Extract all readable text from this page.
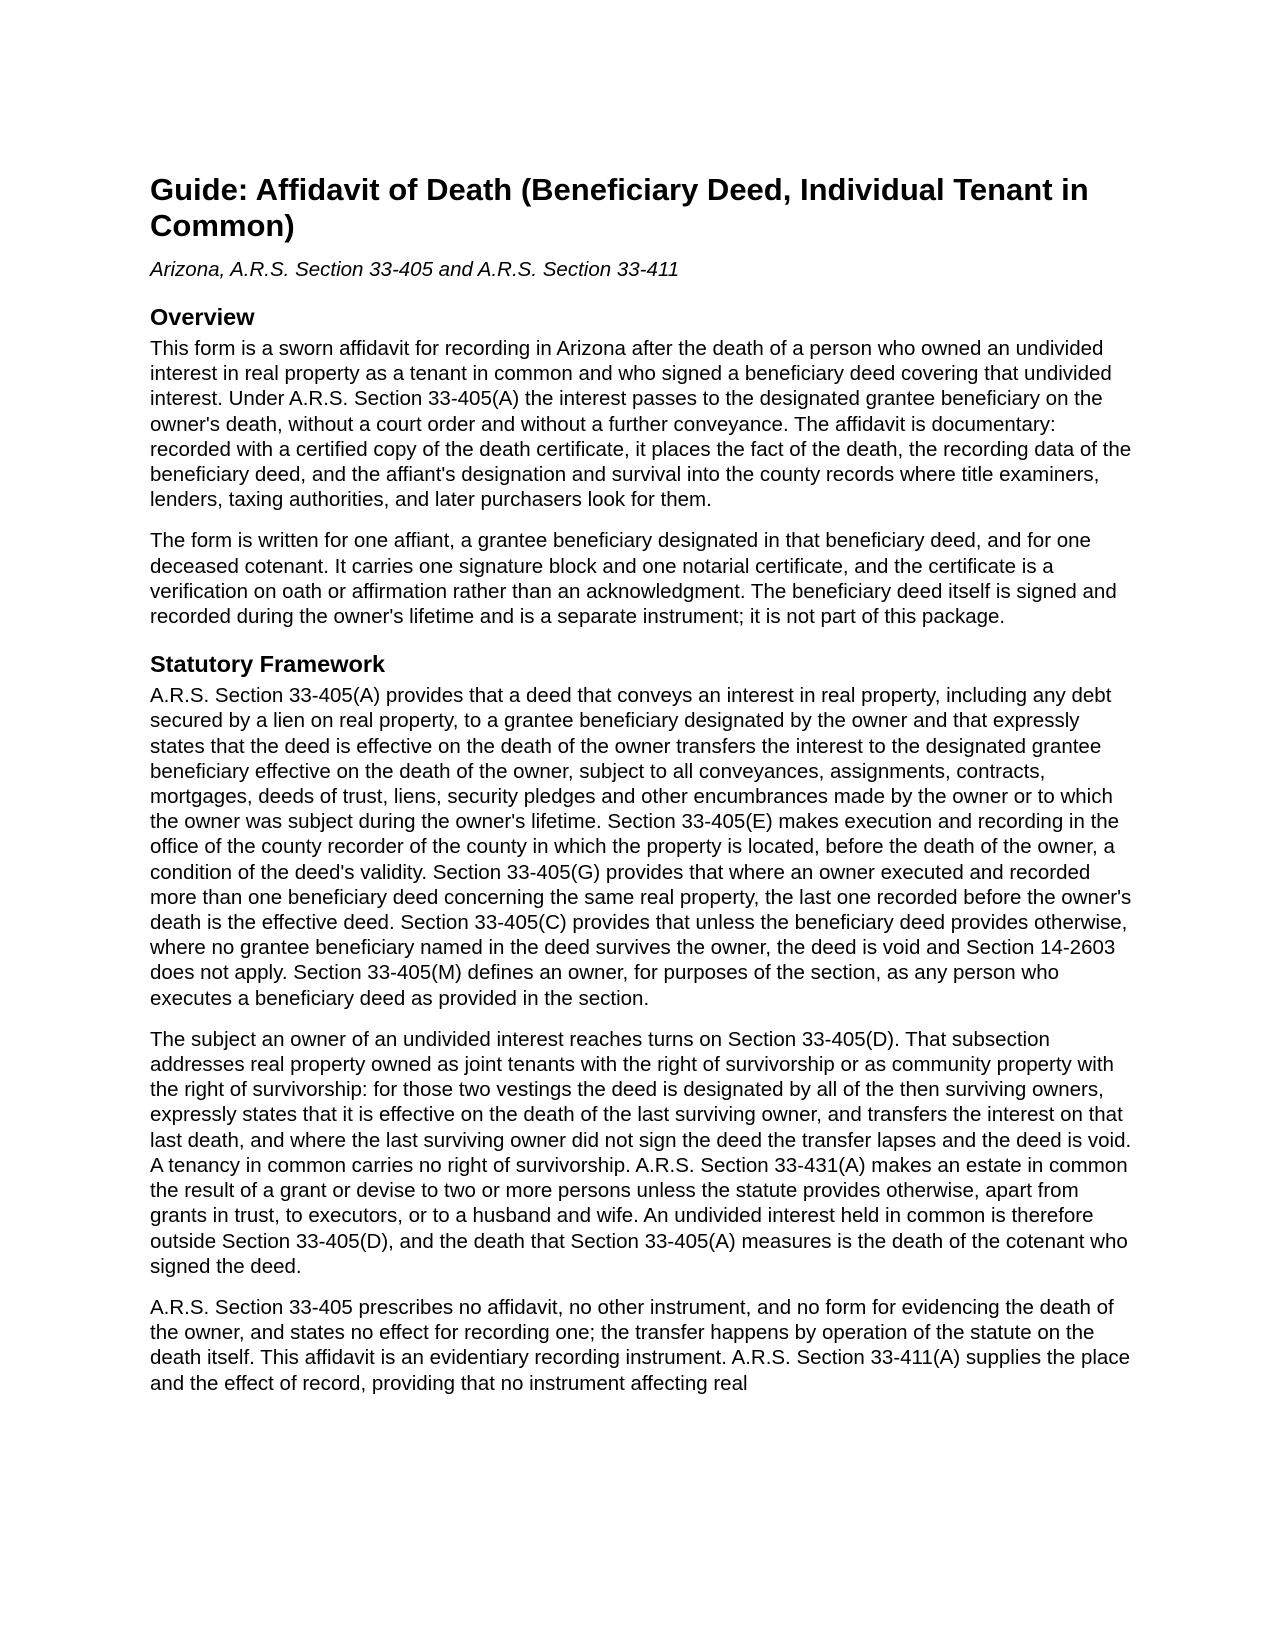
Guide: Affidavit of Death (Beneficiary Deed, Individual Tenant in Common)

Arizona, A.R.S. Section 33-405 and A.R.S. Section 33-411

Overview

This form is a sworn affidavit for recording in Arizona after the death of a person who owned an undivided interest in real property as a tenant in common and who signed a beneficiary deed covering that undivided interest. Under A.R.S. Section 33-405(A) the interest passes to the designated grantee beneficiary on the owner's death, without a court order and without a further conveyance. The affidavit is documentary: recorded with a certified copy of the death certificate, it places the fact of the death, the recording data of the beneficiary deed, and the affiant's designation and survival into the county records where title examiners, lenders, taxing authorities, and later purchasers look for them.

The form is written for one affiant, a grantee beneficiary designated in that beneficiary deed, and for one deceased cotenant. It carries one signature block and one notarial certificate, and the certificate is a verification on oath or affirmation rather than an acknowledgment. The beneficiary deed itself is signed and recorded during the owner's lifetime and is a separate instrument; it is not part of this package.

Statutory Framework

A.R.S. Section 33-405(A) provides that a deed that conveys an interest in real property, including any debt secured by a lien on real property, to a grantee beneficiary designated by the owner and that expressly states that the deed is effective on the death of the owner transfers the interest to the designated grantee beneficiary effective on the death of the owner, subject to all conveyances, assignments, contracts, mortgages, deeds of trust, liens, security pledges and other encumbrances made by the owner or to which the owner was subject during the owner's lifetime. Section 33-405(E) makes execution and recording in the office of the county recorder of the county in which the property is located, before the death of the owner, a condition of the deed's validity. Section 33-405(G) provides that where an owner executed and recorded more than one beneficiary deed concerning the same real property, the last one recorded before the owner's death is the effective deed. Section 33-405(C) provides that unless the beneficiary deed provides otherwise, where no grantee beneficiary named in the deed survives the owner, the deed is void and Section 14-2603 does not apply. Section 33-405(M) defines an owner, for purposes of the section, as any person who executes a beneficiary deed as provided in the section.

The subject an owner of an undivided interest reaches turns on Section 33-405(D). That subsection addresses real property owned as joint tenants with the right of survivorship or as community property with the right of survivorship: for those two vestings the deed is designated by all of the then surviving owners, expressly states that it is effective on the death of the last surviving owner, and transfers the interest on that last death, and where the last surviving owner did not sign the deed the transfer lapses and the deed is void. A tenancy in common carries no right of survivorship. A.R.S. Section 33-431(A) makes an estate in common the result of a grant or devise to two or more persons unless the statute provides otherwise, apart from grants in trust, to executors, or to a husband and wife. An undivided interest held in common is therefore outside Section 33-405(D), and the death that Section 33-405(A) measures is the death of the cotenant who signed the deed.

A.R.S. Section 33-405 prescribes no affidavit, no other instrument, and no form for evidencing the death of the owner, and states no effect for recording one; the transfer happens by operation of the statute on the death itself. This affidavit is an evidentiary recording instrument. A.R.S. Section 33-411(A) supplies the place and the effect of record, providing that no instrument affecting real
